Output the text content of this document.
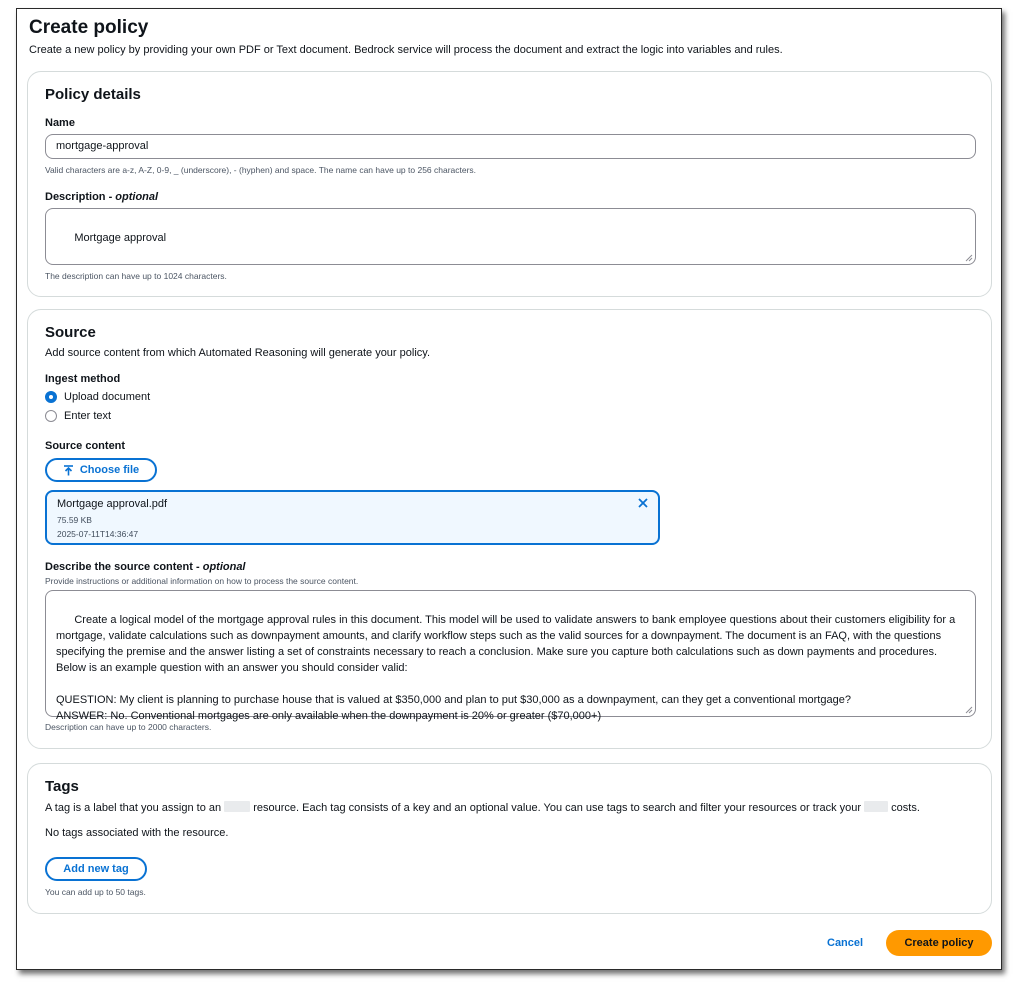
Create policy
Create a new policy by providing your own PDF or Text document. Bedrock service will process the document and extract the logic into variables and rules.
Policy details
Name
mortgage-approval
Valid characters are a-z, A-Z, 0-9, _ (underscore), - (hyphen) and space. The name can have up to 256 characters.
Description - optional

Mortgage approval

The description can have up to 1024 characters.
Source
Add source content from which Automated Reasoning will generate your policy.
Ingest method
Upload document
Enter text
Source content
Choose file
Mortgage approval.pdf
75.59 KB
2025-07-11T14:36:47
Describe the source content - optional
Provide instructions or additional information on how to process the source content.

Create a logical model of the mortgage approval rules in this document. This model will be used to validate answers to bank employee questions about their customers eligibility for a mortgage, validate calculations such as downpayment amounts, and clarify workflow steps such as the valid sources for a downpayment. The document is an FAQ, with the questions specifying the premise and the answer listing a set of constraints necessary to reach a conclusion. Make sure you capture both calculations such as down payments and procedures. Below is an example question with an answer you should consider valid:

QUESTION: My client is planning to purchase house that is valued at $350,000 and plan to put $30,000 as a downpayment, can they get a conventional mortgage?
ANSWER: No. Conventional mortgages are only available when the downpayment is 20% or greater ($70,000+)

Description can have up to 2000 characters.
Tags
A tag is a label that you assign to an	resource. Each tag consists of a key and an optional value. You can use tags to search and filter your resources or track your	costs.
No tags associated with the resource.
Add new tag
You can add up to 50 tags.
Cancel	Create policy
